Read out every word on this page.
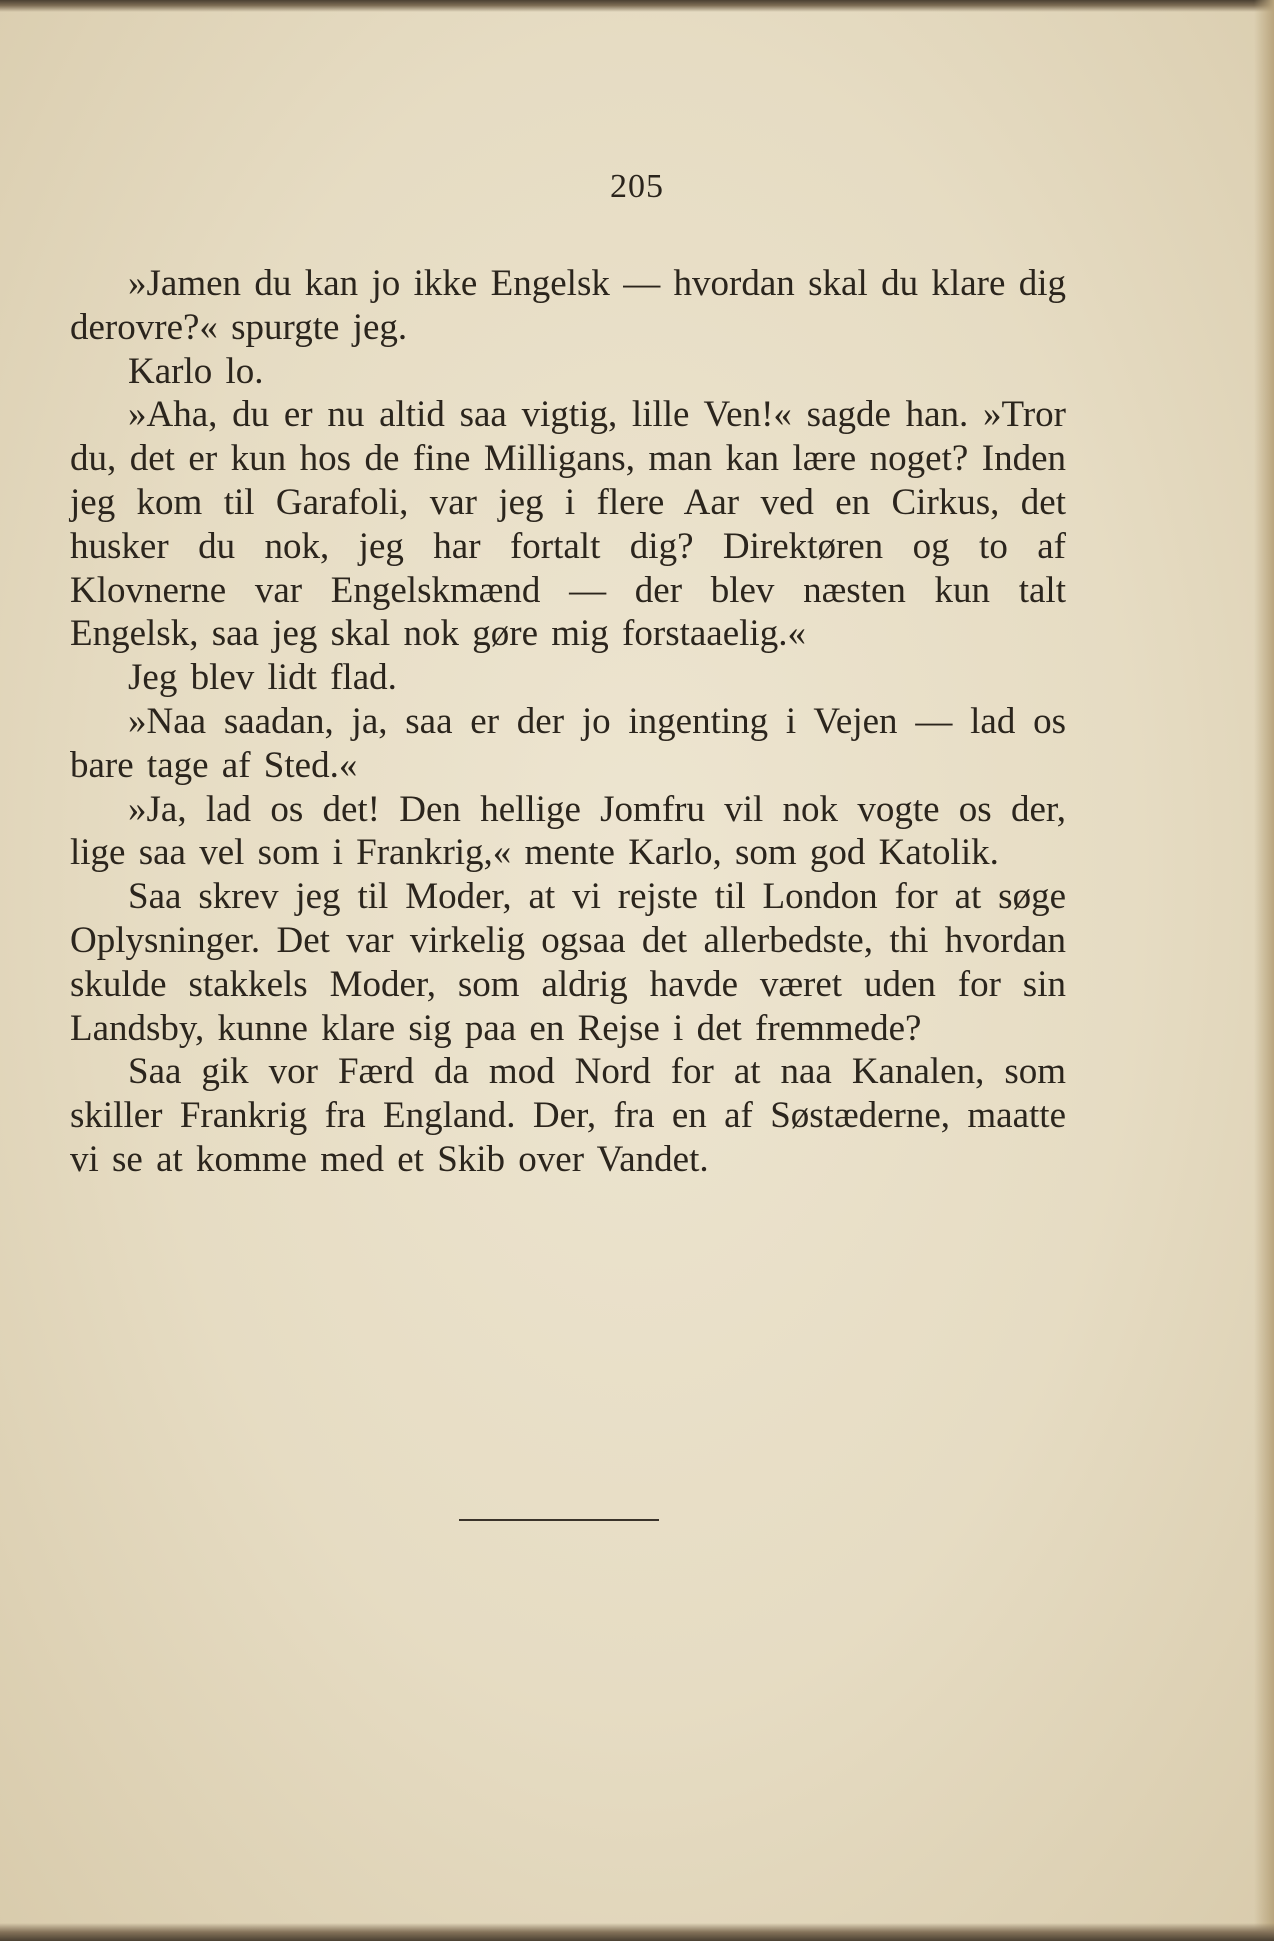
205

»Jamen du kan jo ikke Engelsk — hvordan skal du klare dig derovre?« spurgte jeg.

Karlo lo.

»Aha, du er nu altid saa vigtig, lille Ven!« sagde han. »Tror du, det er kun hos de fine Milligans, man kan lære noget? Inden jeg kom til Garafoli, var jeg i flere Aar ved en Cirkus, det husker du nok, jeg har fortalt dig? Direktøren og to af Klovnerne var Engelskmænd — der blev næsten kun talt Engelsk, saa jeg skal nok gøre mig forstaaelig.«

Jeg blev lidt flad.

»Naa saadan, ja, saa er der jo ingenting i Vejen — lad os bare tage af Sted.«

»Ja, lad os det! Den hellige Jomfru vil nok vogte os der, lige saa vel som i Frankrig,« mente Karlo, som god Katolik.

Saa skrev jeg til Moder, at vi rejste til London for at søge Oplysninger. Det var virkelig ogsaa det allerbedste, thi hvordan skulde stakkels Moder, som aldrig havde været uden for sin Landsby, kunne klare sig paa en Rejse i det fremmede?

Saa gik vor Færd da mod Nord for at naa Kanalen, som skiller Frankrig fra England. Der, fra en af Søstæderne, maatte vi se at komme med et Skib over Vandet.
